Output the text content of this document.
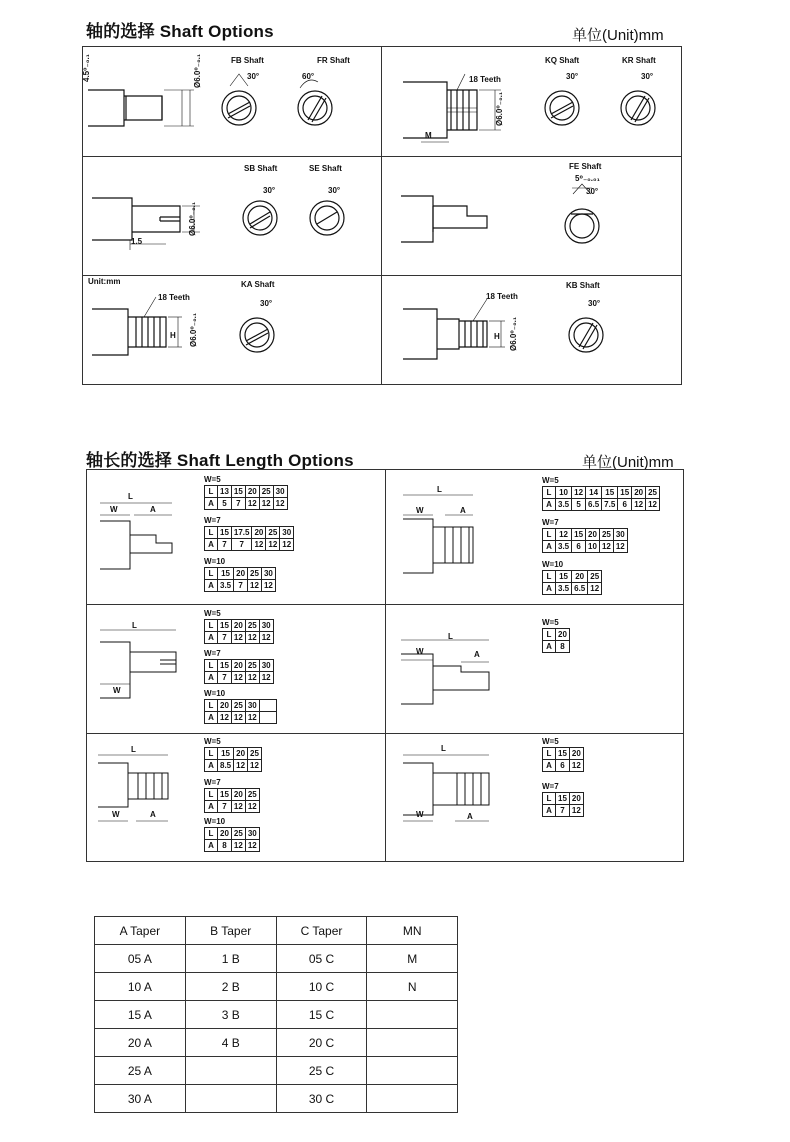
轴的选择 Shaft Options	单位(Unit)mm
4.5⁰₋₀.₁	Ø6.0⁰₋₀.₁	FB Shaft	FR Shaft
30°	60°	18 Teeth
M
Ø6.0⁰₋₀.₁
KQ Shaft	KR Shaft
30°	30°
1.5
Ø6.0⁰₋₀.₁
SB Shaft	SE Shaft
30°	30°
FE Shaft
5⁰₋₀.₀₁
30°
Unit:mm
18 Teeth
H Ø6.0⁰₋₀.₁
KA Shaft
30°
18 Teeth
H Ø6.0⁰₋₀.₁
KB Shaft
30°
轴长的选择 Shaft Length Options	单位(Unit)mm
L
W	A
L
W	A
L
W
L
W	A
L
W	A
L
W	A
W=5
L	13	15	20	25	30
A	5	7	12	12	12
W=7
L	15	17.5	20	25	30
A	7	7	12	12	12
W=10
L	15	20	25	30
A	3.5	7	12	12
W=5
L	10	12	14	15	15	20	25
A	3.5	5	6.5	7.5	6	12	12
W=7
L	12	15	20	25	30
A	3.5	6	10	12	12
W=10
L	15	20	25
A	3.5	6.5	12
W=5
L	15	20	25	30
A	7	12	12	12
W=7
L	15	20	25	30
A	7	12	12	12
W=10
L	20	25	30	
A	12	12	12	
W=5
L	20
A	8
W=5
L	15	20	25
A	8.5	12	12
W=7
L	15	20	25
A	7	12	12
W=10
L	20	25	30
A	8	12	12
W=5
L	15	20
A	6	12
W=7
L	15	20
A	7	12
A Taper	B Taper	C Taper	MN
05 A	1 B	05 C	M
10 A	2 B	10 C	N
15 A	3 B	15 C	
20 A	4 B	20 C	
25 A		25 C	
30 A		30 C	
